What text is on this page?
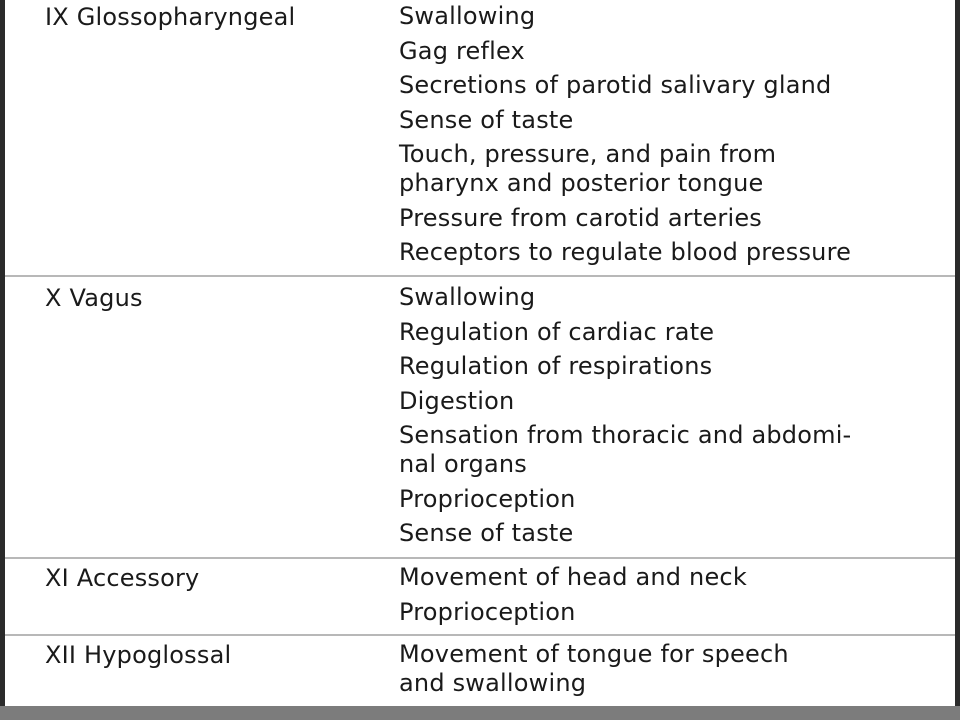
IX Glossopharyngeal	Swallowing
Gag reflex
Secretions of parotid salivary gland
Sense of taste
Touch, pressure, and pain from
pharynx and posterior tongue
Pressure from carotid arteries
Receptors to regulate blood pressure
X Vagus	Swallowing
Regulation of cardiac rate
Regulation of respirations
Digestion
Sensation from thoracic and abdomi-
nal organs
Proprioception
Sense of taste
XI Accessory	Movement of head and neck
Proprioception
XII Hypoglossal	Movement of tongue for speech
and swallowing
